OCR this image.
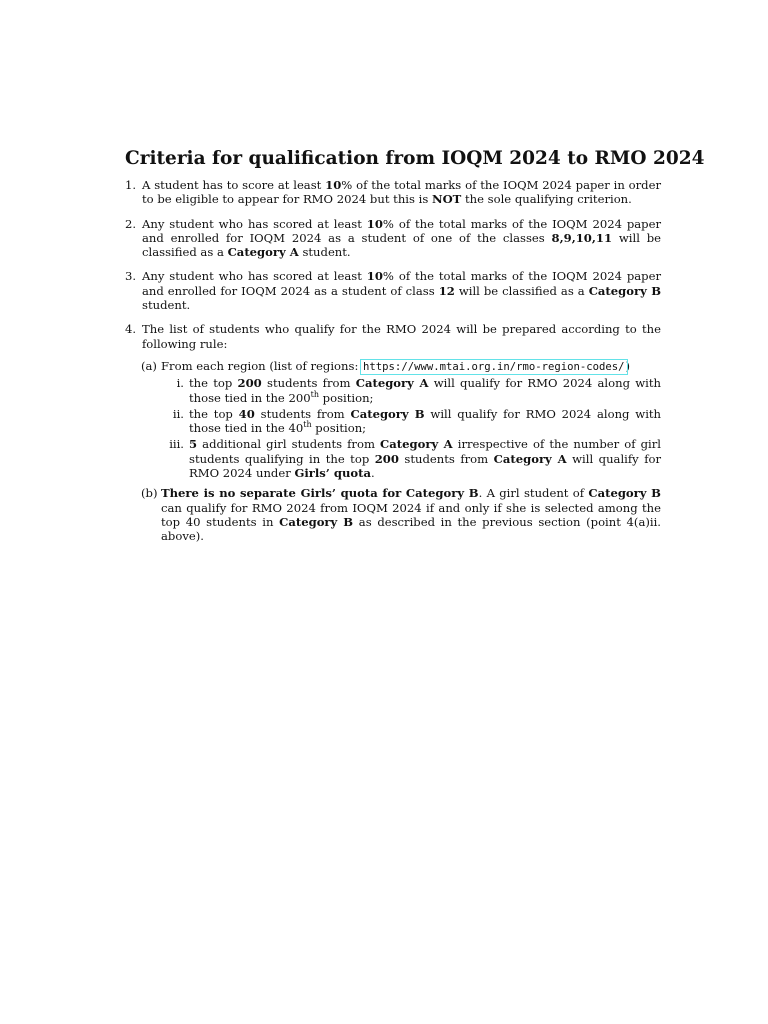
Criteria for qualification from IOQM 2024 to RMO 2024
1. A student has to score at least 10% of the total marks of the IOQM 2024 paper in order to be eligible to appear for RMO 2024 but this is NOT the sole qualifying criterion.
2. Any student who has scored at least 10% of the total marks of the IOQM 2024 paper and enrolled for IOQM 2024 as a student of one of the classes 8,9,10,11 will be classified as a Category A student.
3. Any student who has scored at least 10% of the total marks of the IOQM 2024 paper and enrolled for IOQM 2024 as a student of class 12 will be classified as a Category B student.
4. The list of students who qualify for the RMO 2024 will be prepared according to the following rule:
(a) From each region (list of regions: https://www.mtai.org.in/rmo-region-codes/)
i. the top 200 students from Category A will qualify for RMO 2024 along with those tied in the 200th position;
ii. the top 40 students from Category B will qualify for RMO 2024 along with those tied in the 40th position;
iii. 5 additional girl students from Category A irrespective of the number of girl students qualifying in the top 200 students from Category A will qualify for RMO 2024 under Girls’ quota.
(b) There is no separate Girls’ quota for Category B. A girl student of Category B can qualify for RMO 2024 from IOQM 2024 if and only if she is selected among the top 40 students in Category B as described in the previous section (point 4(a)ii. above).
